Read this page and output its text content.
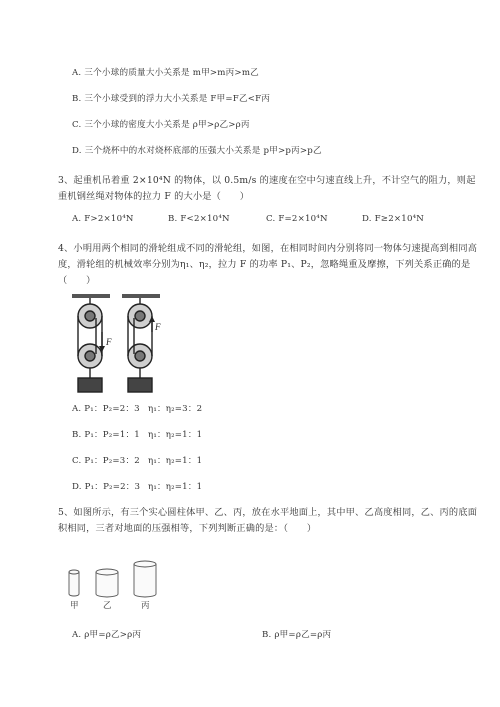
A. 三个小球的质量大小关系是 m甲>m丙>m乙
B. 三个小球受到的浮力大小关系是 F甲=F乙<F丙
C. 三个小球的密度大小关系是 ρ甲>ρ乙>ρ丙
D. 三个烧杯中的水对烧杯底部的压强大小关系是 p甲>p丙>p乙
3、起重机吊着重 2×10⁴N 的物体，以 0.5m/s 的速度在空中匀速直线上升，不计空气的阻力，则起
重机钢丝绳对物体的拉力 F 的大小是（　　）
A. F>2×10⁴N	B. F<2×10⁴N	C. F=2×10⁴N	D. F≥2×10⁴N
4、小明用两个相同的滑轮组成不同的滑轮组，如图，在相同时间内分别将同一物体匀速提高到相同高
度，滑轮组的机械效率分别为η₁、η₂，拉力 F 的功率 P₁、P₂，忽略绳重及摩擦，下列关系正确的是
（　　）
F
F
A. P₁：P₂=2：3 η₁：η₂=3：2
B. P₁：P₂=1：1 η₁：η₂=1：1
C. P₁：P₂=3：2 η₁：η₂=1：1
D. P₁：P₂=2：3 η₁：η₂=1：1
5、如图所示，有三个实心圆柱体甲、乙、丙，放在水平地面上，其中甲、乙高度相同，乙、丙的底面
积相同，三者对地面的压强相等，下列判断正确的是：（　　）
甲	乙	丙
A. ρ甲=ρ乙>ρ丙	B. ρ甲=ρ乙=ρ丙
